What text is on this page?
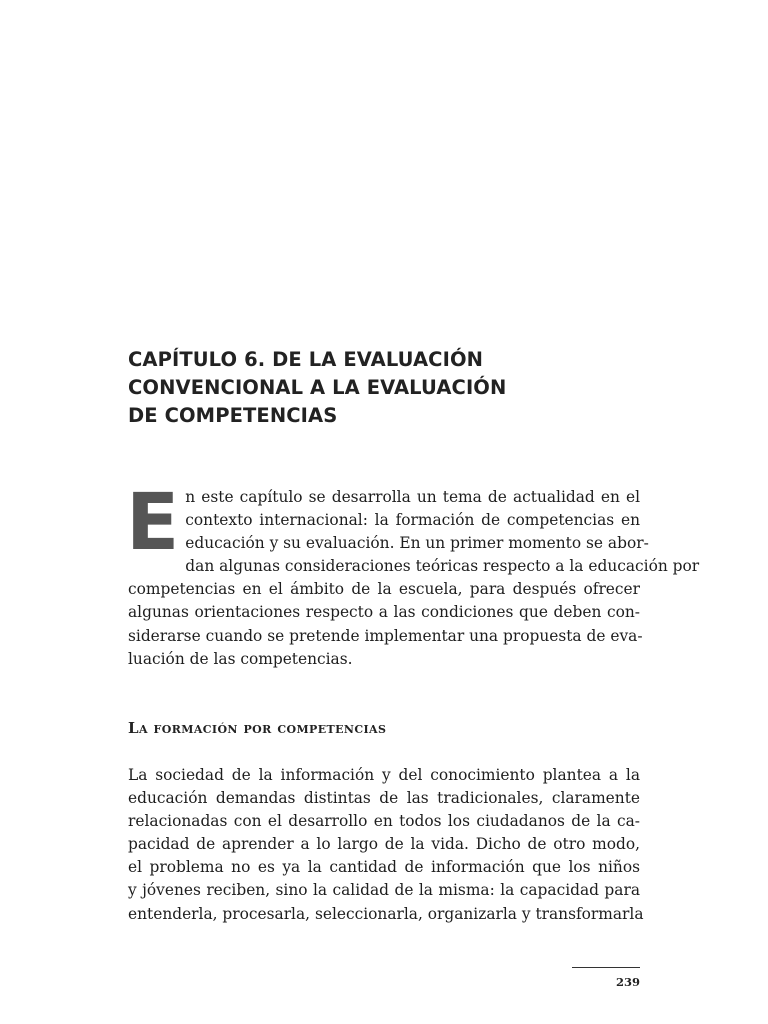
CAPÍTULO 6. DE LA EVALUACIÓN
CONVENCIONAL A LA EVALUACIÓN
DE COMPETENCIAS
E n este capítulo se desarrolla un tema de actualidad en el
contexto internacional: la formación de competencias en
educación y su evaluación. En un primer momento se abor-
dan algunas consideraciones teóricas respecto a la educación por
competencias en el ámbito de la escuela, para después ofrecer
algunas orientaciones respecto a las condiciones que deben con-
siderarse cuando se pretende implementar una propuesta de eva-
luación de las competencias.
La formación por competencias
La sociedad de la información y del conocimiento plantea a la
educación demandas distintas de las tradicionales, claramente
relacionadas con el desarrollo en todos los ciudadanos de la ca-
pacidad de aprender a lo largo de la vida. Dicho de otro modo,
el problema no es ya la cantidad de información que los niños
y jóvenes reciben, sino la calidad de la misma: la capacidad para
entenderla, procesarla, seleccionarla, organizarla y transformarla
239
